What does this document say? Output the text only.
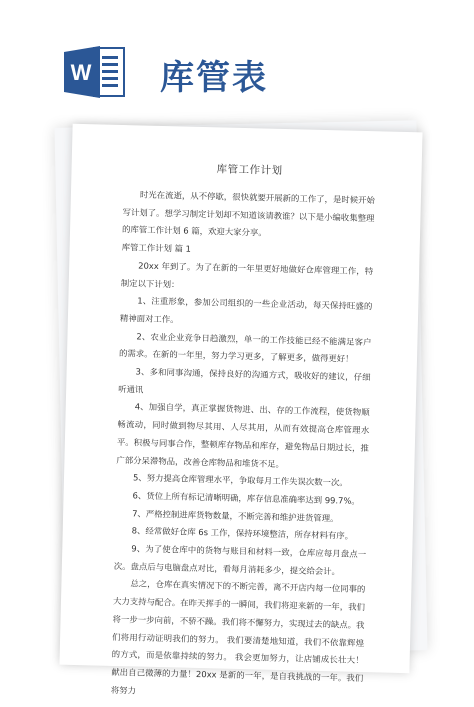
W 库管表
库管工作计划

时光在流逝，从不停歇，很快就要开展新的工作了，是时候开始写计划了。想学习制定计划却不知道该请教谁？以下是小编收集整理的库管工作计划 6 篇，欢迎大家分享。

库管工作计划 篇 1

20xx 年到了。为了在新的一年里更好地做好仓库管理工作，特制定以下计划：

1、注重形象，参加公司组织的一些企业活动，每天保持旺盛的精神面对工作。

2、农业企业竞争日趋激烈，单一的工作技能已经不能满足客户的需求。在新的一年里，努力学习更多，了解更多，做得更好！

3、多和同事沟通，保持良好的沟通方式，吸收好的建议，仔细听通讯

4、加强自学，真正掌握货物进、出、存的工作流程，使货物顺畅流动，同时做到物尽其用、人尽其用，从而有效提高仓库管理水平。积极与同事合作，整顿库存物品和库存，避免物品日期过长，推广部分呆滞物品，改善仓库物品和堆货不足。

5、努力提高仓库管理水平，争取每月工作失误次数一次。

6、货位上所有标记清晰明确，库存信息准确率达到 99.7%。

7、严格控制进库货物数量，不断完善和维护进货管理。

8、经常做好仓库 6s 工作，保持环境整洁，所存材料有序。

9、为了使仓库中的货物与账目和材料一致，仓库应每月盘点一次。盘点后与电脑盘点对比，看每月消耗多少，提交给会计。

总之，仓库在真实情况下的不断完善，离不开店内每一位同事的大力支持与配合。在昨天挥手的一瞬间，我们将迎来新的一年，我们将一步一步向前，不骄不躁。我们将不懈努力，实现过去的缺点。我们将用行动证明我们的努力。 我们要清楚地知道，我们不依靠辉煌的方式，而是依靠持续的努力。 我会更加努力，让店铺成长壮大！ 献出自己微薄的力量！20xx 是新的一年，是自我挑战的一年。我们将努力
